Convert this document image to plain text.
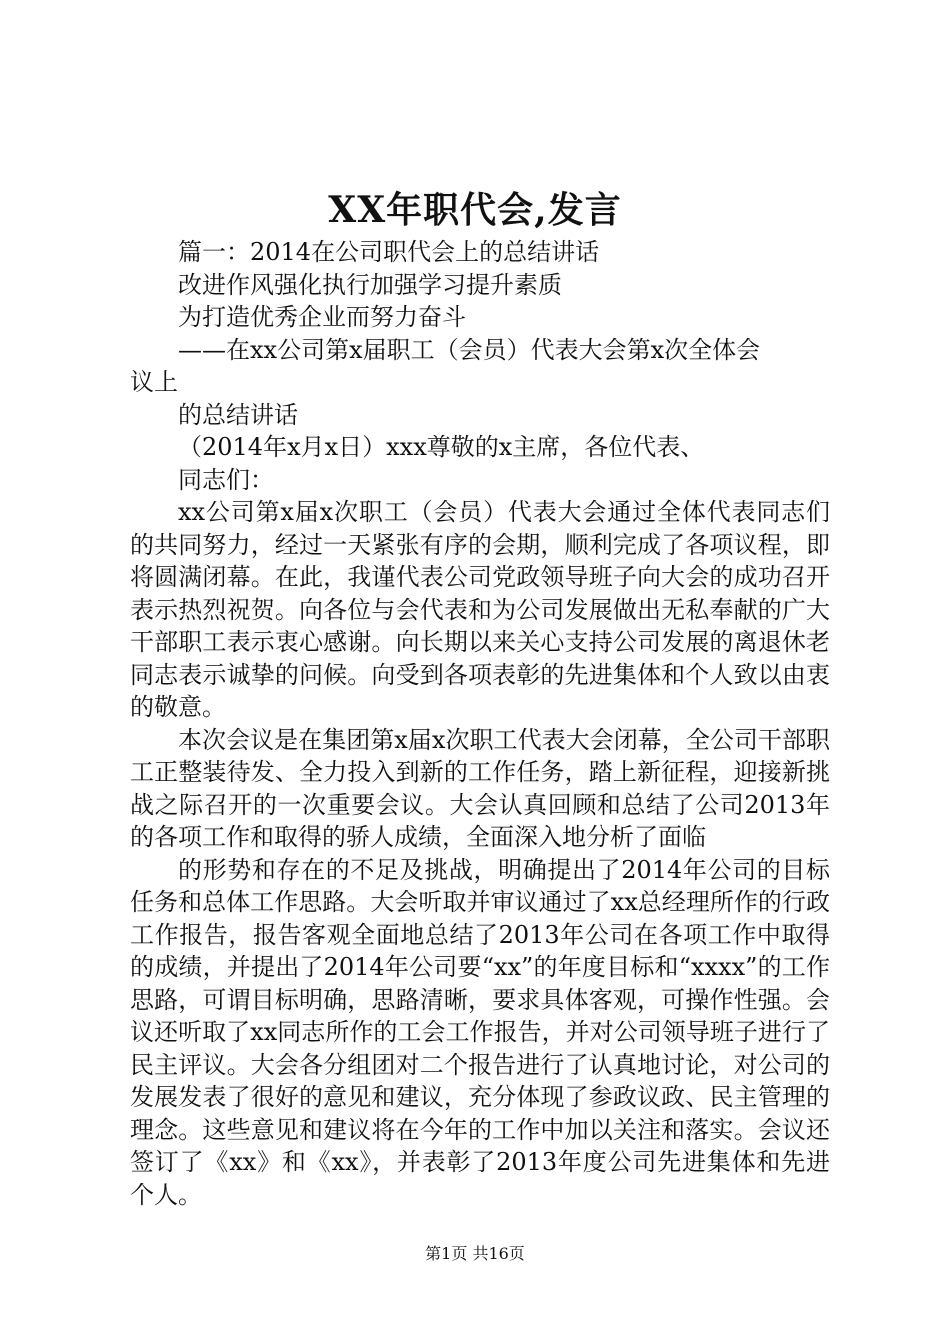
XX年职代会,发言

篇一：2014在公司职代会上的总结讲话

改进作风强化执行加强学习提升素质

为打造优秀企业而努力奋斗

——在xx公司第x届职工（会员）代表大会第x次全体会

议上

的总结讲话

（2014年x月x日）xxx尊敬的x主席，各位代表、

同志们：

xx公司第x届x次职工（会员）代表大会通过全体代表同志们的共同努力，经过一天紧张有序的会期，顺利完成了各项议程，即将圆满闭幕。在此，我谨代表公司党政领导班子向大会的成功召开表示热烈祝贺。向各位与会代表和为公司发展做出无私奉献的广大干部职工表示衷心感谢。向长期以来关心支持公司发展的离退休老同志表示诚挚的问候。向受到各项表彰的先进集体和个人致以由衷的敬意。

本次会议是在集团第x届x次职工代表大会闭幕，全公司干部职工正整装待发、全力投入到新的工作任务，踏上新征程，迎接新挑战之际召开的一次重要会议。大会认真回顾和总结了公司2013年的各项工作和取得的骄人成绩，全面深入地分析了面临

的形势和存在的不足及挑战，明确提出了2014年公司的目标任务和总体工作思路。大会听取并审议通过了xx总经理所作的行政工作报告，报告客观全面地总结了2013年公司在各项工作中取得的成绩，并提出了2014年公司要“xx”的年度目标和“xxxx”的工作思路，可谓目标明确，思路清晰，要求具体客观，可操作性强。会议还听取了xx同志所作的工会工作报告，并对公司领导班子进行了民主评议。大会各分组团对二个报告进行了认真地讨论，对公司的发展发表了很好的意见和建议，充分体现了参政议政、民主管理的理念。这些意见和建议将在今年的工作中加以关注和落实。会议还签订了《xx》和《xx》，并表彰了2013年度公司先进集体和先进个人。

第1页 共16页
